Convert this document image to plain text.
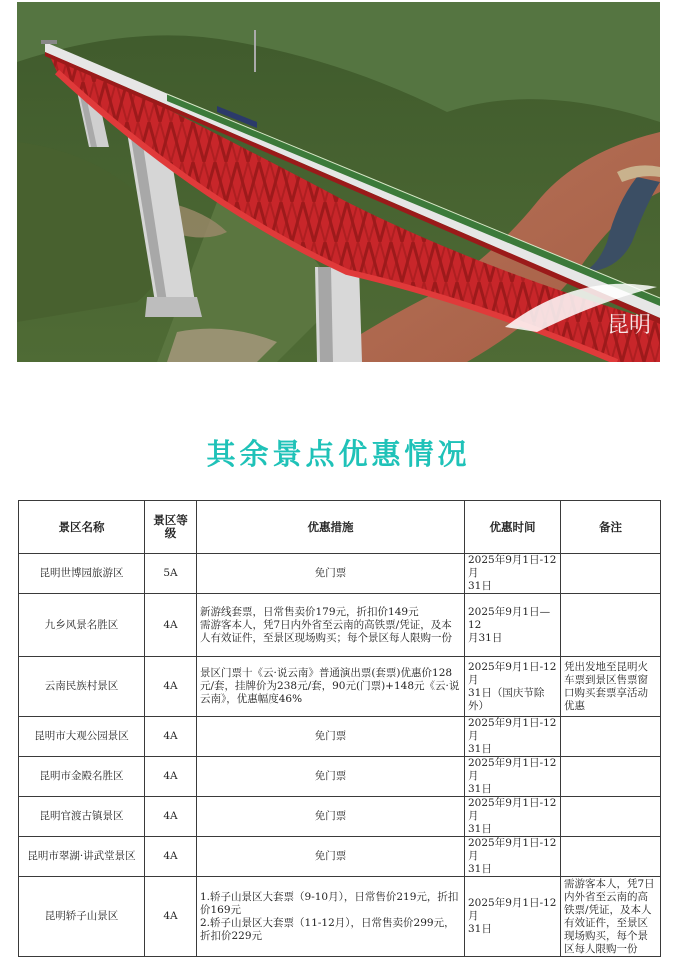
昆明
其余景点优惠情况
景区名称	景区等级	优惠措施	优惠时间	备注
昆明世博园旅游区	5A	免门票	2025年9月1日-12月
31日	
九乡风景名胜区	4A	新游线套票，日常售卖价179元，折扣价149元
需游客本人，凭7日内外省至云南的高铁票/凭证，及本人有效证件，至景区现场购买；每个景区每人限购一份	2025年9月1日—12
月31日	
云南民族村景区	4A	景区门票十《云·说云南》普通演出票(套票)优惠价128元/套，挂牌价为238元/套，90元(门票)+148元《云·说云南》，优惠幅度46%	2025年9月1日-12月
31日（国庆节除
外）	凭出发地至昆明火车票到景区售票窗口购买套票享活动优惠
昆明市大观公园景区	4A	免门票	2025年9月1日-12月
31日	
昆明市金殿名胜区	4A	免门票	2025年9月1日-12月
31日	
昆明官渡古镇景区	4A	免门票	2025年9月1日-12月
31日	
昆明市翠湖·讲武堂景区	4A	免门票	2025年9月1日-12月
31日	
昆明轿子山景区	4A	1.轿子山景区大套票（9-10月），日常售价219元，折扣价169元
2.轿子山景区大套票（11-12月），日常售卖价299元，折扣价229元	2025年9月1日-12月
31日	需游客本人，凭7日内外省至云南的高铁票/凭证，及本人有效证件，至景区现场购买，每个景区每人限购一份
